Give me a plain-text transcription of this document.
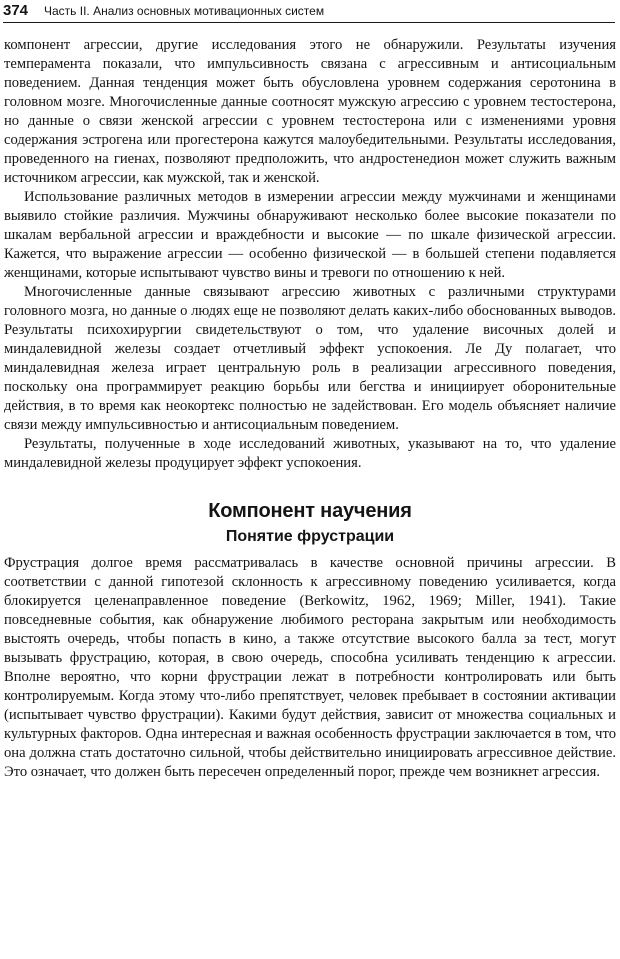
374 Часть II. Анализ основных мотивационных систем

компонент агрессии, другие исследования этого не обнаружили. Результаты изучения темперамента показали, что импульсивность связана с агрессивным и антисоциальным поведением. Данная тенденция может быть обусловлена уровнем содержания серотонина в головном мозге. Многочисленные данные соотносят мужскую агрессию с уровнем тестостерона, но данные о связи женской агрессии с уровнем тестостерона или с изменениями уровня содержания эстрогена или прогестерона кажутся малоубедительными. Результаты исследования, проведенного на гиенах, позволяют предположить, что андростенедион может служить важным источником агрессии, как мужской, так и женской.

Использование различных методов в измерении агрессии между мужчинами и женщинами выявило стойкие различия. Мужчины обнаруживают несколько более высокие показатели по шкалам вербальной агрессии и враждебности и высокие — по шкале физической агрессии. Кажется, что выражение агрессии — особенно физической — в большей степени подавляется женщинами, которые испытывают чувство вины и тревоги по отношению к ней.

Многочисленные данные связывают агрессию животных с различными структурами головного мозга, но данные о людях еще не позволяют делать каких-либо обоснованных выводов. Результаты психохирургии свидетельствуют о том, что удаление височных долей и миндалевидной железы создает отчетливый эффект успокоения. Ле Ду полагает, что миндалевидная железа играет центральную роль в реализации агрессивного поведения, поскольку она программирует реакцию борьбы или бегства и инициирует оборонительные действия, в то время как неокортекс полностью не задействован. Его модель объясняет наличие связи между импульсивностью и антисоциальным поведением.

Результаты, полученные в ходе исследований животных, указывают на то, что удаление миндалевидной железы продуцирует эффект успокоения.

Компонент научения
Понятие фрустрации

Фрустрация долгое время рассматривалась в качестве основной причины агрессии. В соответствии с данной гипотезой склонность к агрессивному поведению усиливается, когда блокируется целенаправленное поведение (Berkowitz, 1962, 1969; Miller, 1941). Такие повседневные события, как обнаружение любимого ресторана закрытым или необходимость выстоять очередь, чтобы попасть в кино, а также отсутствие высокого балла за тест, могут вызывать фрустрацию, которая, в свою очередь, способна усиливать тенденцию к агрессии. Вполне вероятно, что корни фрустрации лежат в потребности контролировать или быть контролируемым. Когда этому что-либо препятствует, человек пребывает в состоянии активации (испытывает чувство фрустрации). Какими будут действия, зависит от множества социальных и культурных факторов. Одна интересная и важная особенность фрустрации заключается в том, что она должна стать достаточно сильной, чтобы действительно инициировать агрессивное действие. Это означает, что должен быть пересечен определенный порог, прежде чем возникнет агрессия.
